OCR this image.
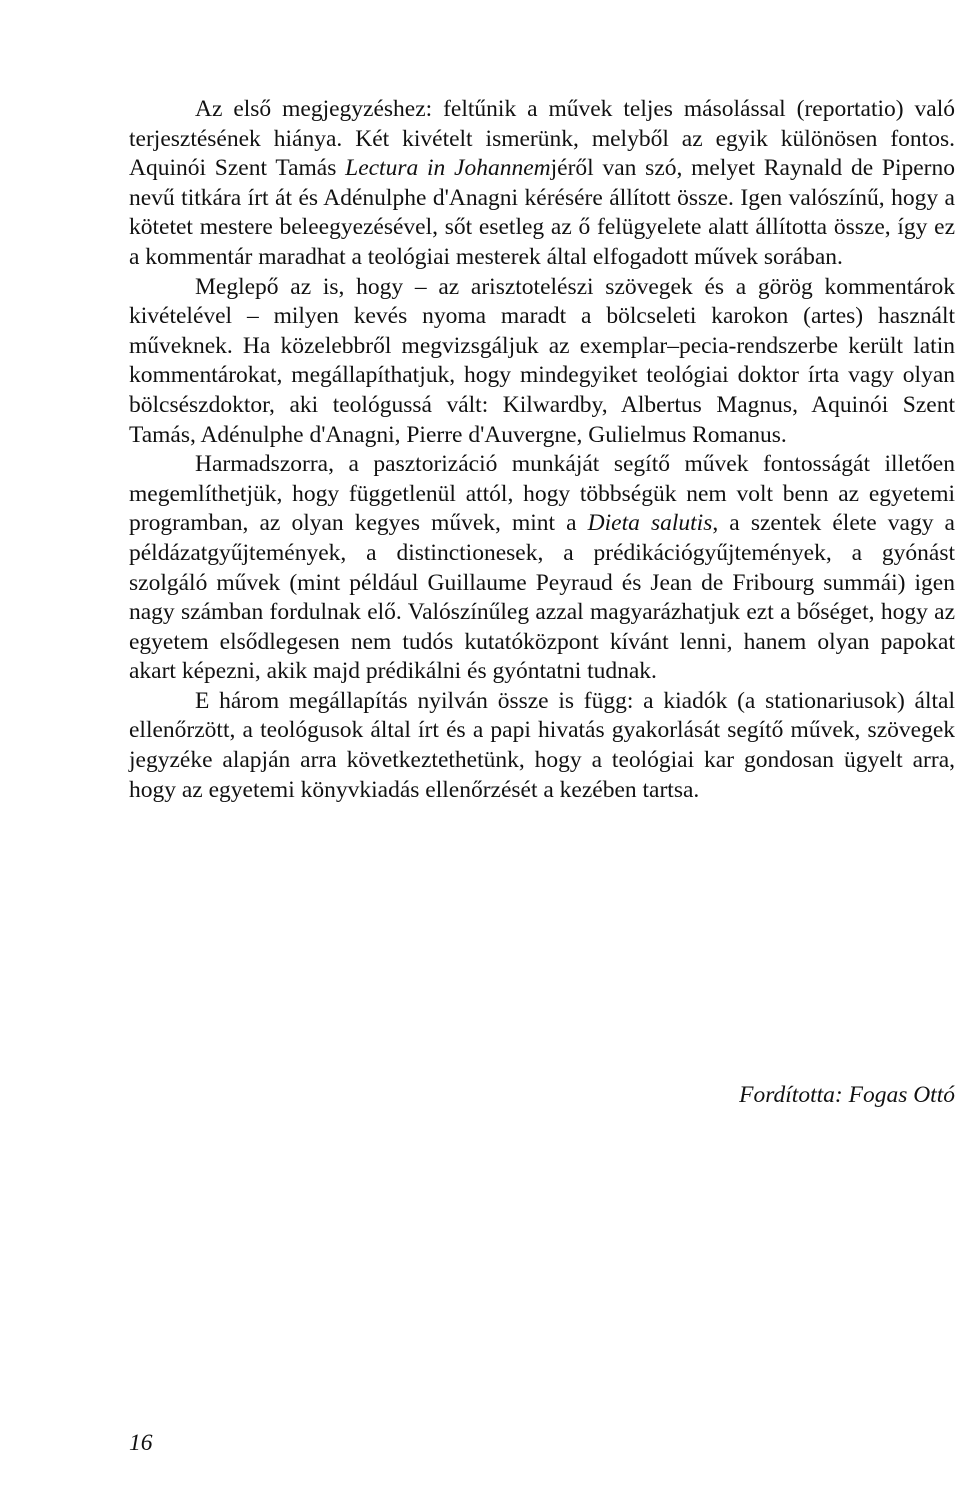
Az első megjegyzéshez: feltűnik a művek teljes másolással (reportatio) való terjesztésének hiánya. Két kivételt ismerünk, melyből az egyik különösen fontos. Aquinói Szent Tamás Lectura in Johannemjéről van szó, melyet Raynald de Piperno nevű titkára írt át és Adénulphe d'Anagni kérésére állított össze. Igen valószínű, hogy a kötetet mestere beleegyezésével, sőt esetleg az ő felügyelete alatt állította össze, így ez a kommentár maradhat a teológiai mesterek által elfogadott művek sorában.

Meglepő az is, hogy – az arisztotelészi szövegek és a görög kommentárok kivételével – milyen kevés nyoma maradt a bölcseleti karokon (artes) használt műveknek. Ha közelebbről megvizsgáljuk az exemplar–pecia-rendszerbe került latin kommentárokat, megállapíthatjuk, hogy mindegyiket teológiai doktor írta vagy olyan bölcsészdoktor, aki teológussá vált: Kilwardby, Albertus Magnus, Aquinói Szent Tamás, Adénulphe d'Anagni, Pierre d'Auvergne, Gulielmus Romanus.

Harmadszorra, a pasztorizáció munkáját segítő művek fontosságát illetően megemlíthetjük, hogy függetlenül attól, hogy többségük nem volt benn az egyetemi programban, az olyan kegyes művek, mint a Dieta salutis, a szentek élete vagy a példázatgyűjtemények, a distinctionesek, a prédikációgyűjtemények, a gyónást szolgáló művek (mint például Guillaume Peyraud és Jean de Fribourg summái) igen nagy számban fordulnak elő. Valószínűleg azzal magyarázhatjuk ezt a bőséget, hogy az egyetem elsődlegesen nem tudós kutatóközpont kívánt lenni, hanem olyan papokat akart képezni, akik majd prédikálni és gyóntatni tudnak.

E három megállapítás nyilván össze is függ: a kiadók (a stationariusok) által ellenőrzött, a teológusok által írt és a papi hivatás gyakorlását segítő művek, szövegek jegyzéke alapján arra következtethetünk, hogy a teológiai kar gondosan ügyelt arra, hogy az egyetemi könyvkiadás ellenőrzését a kezében tartsa.

Fordította: Fogas Ottó

16
